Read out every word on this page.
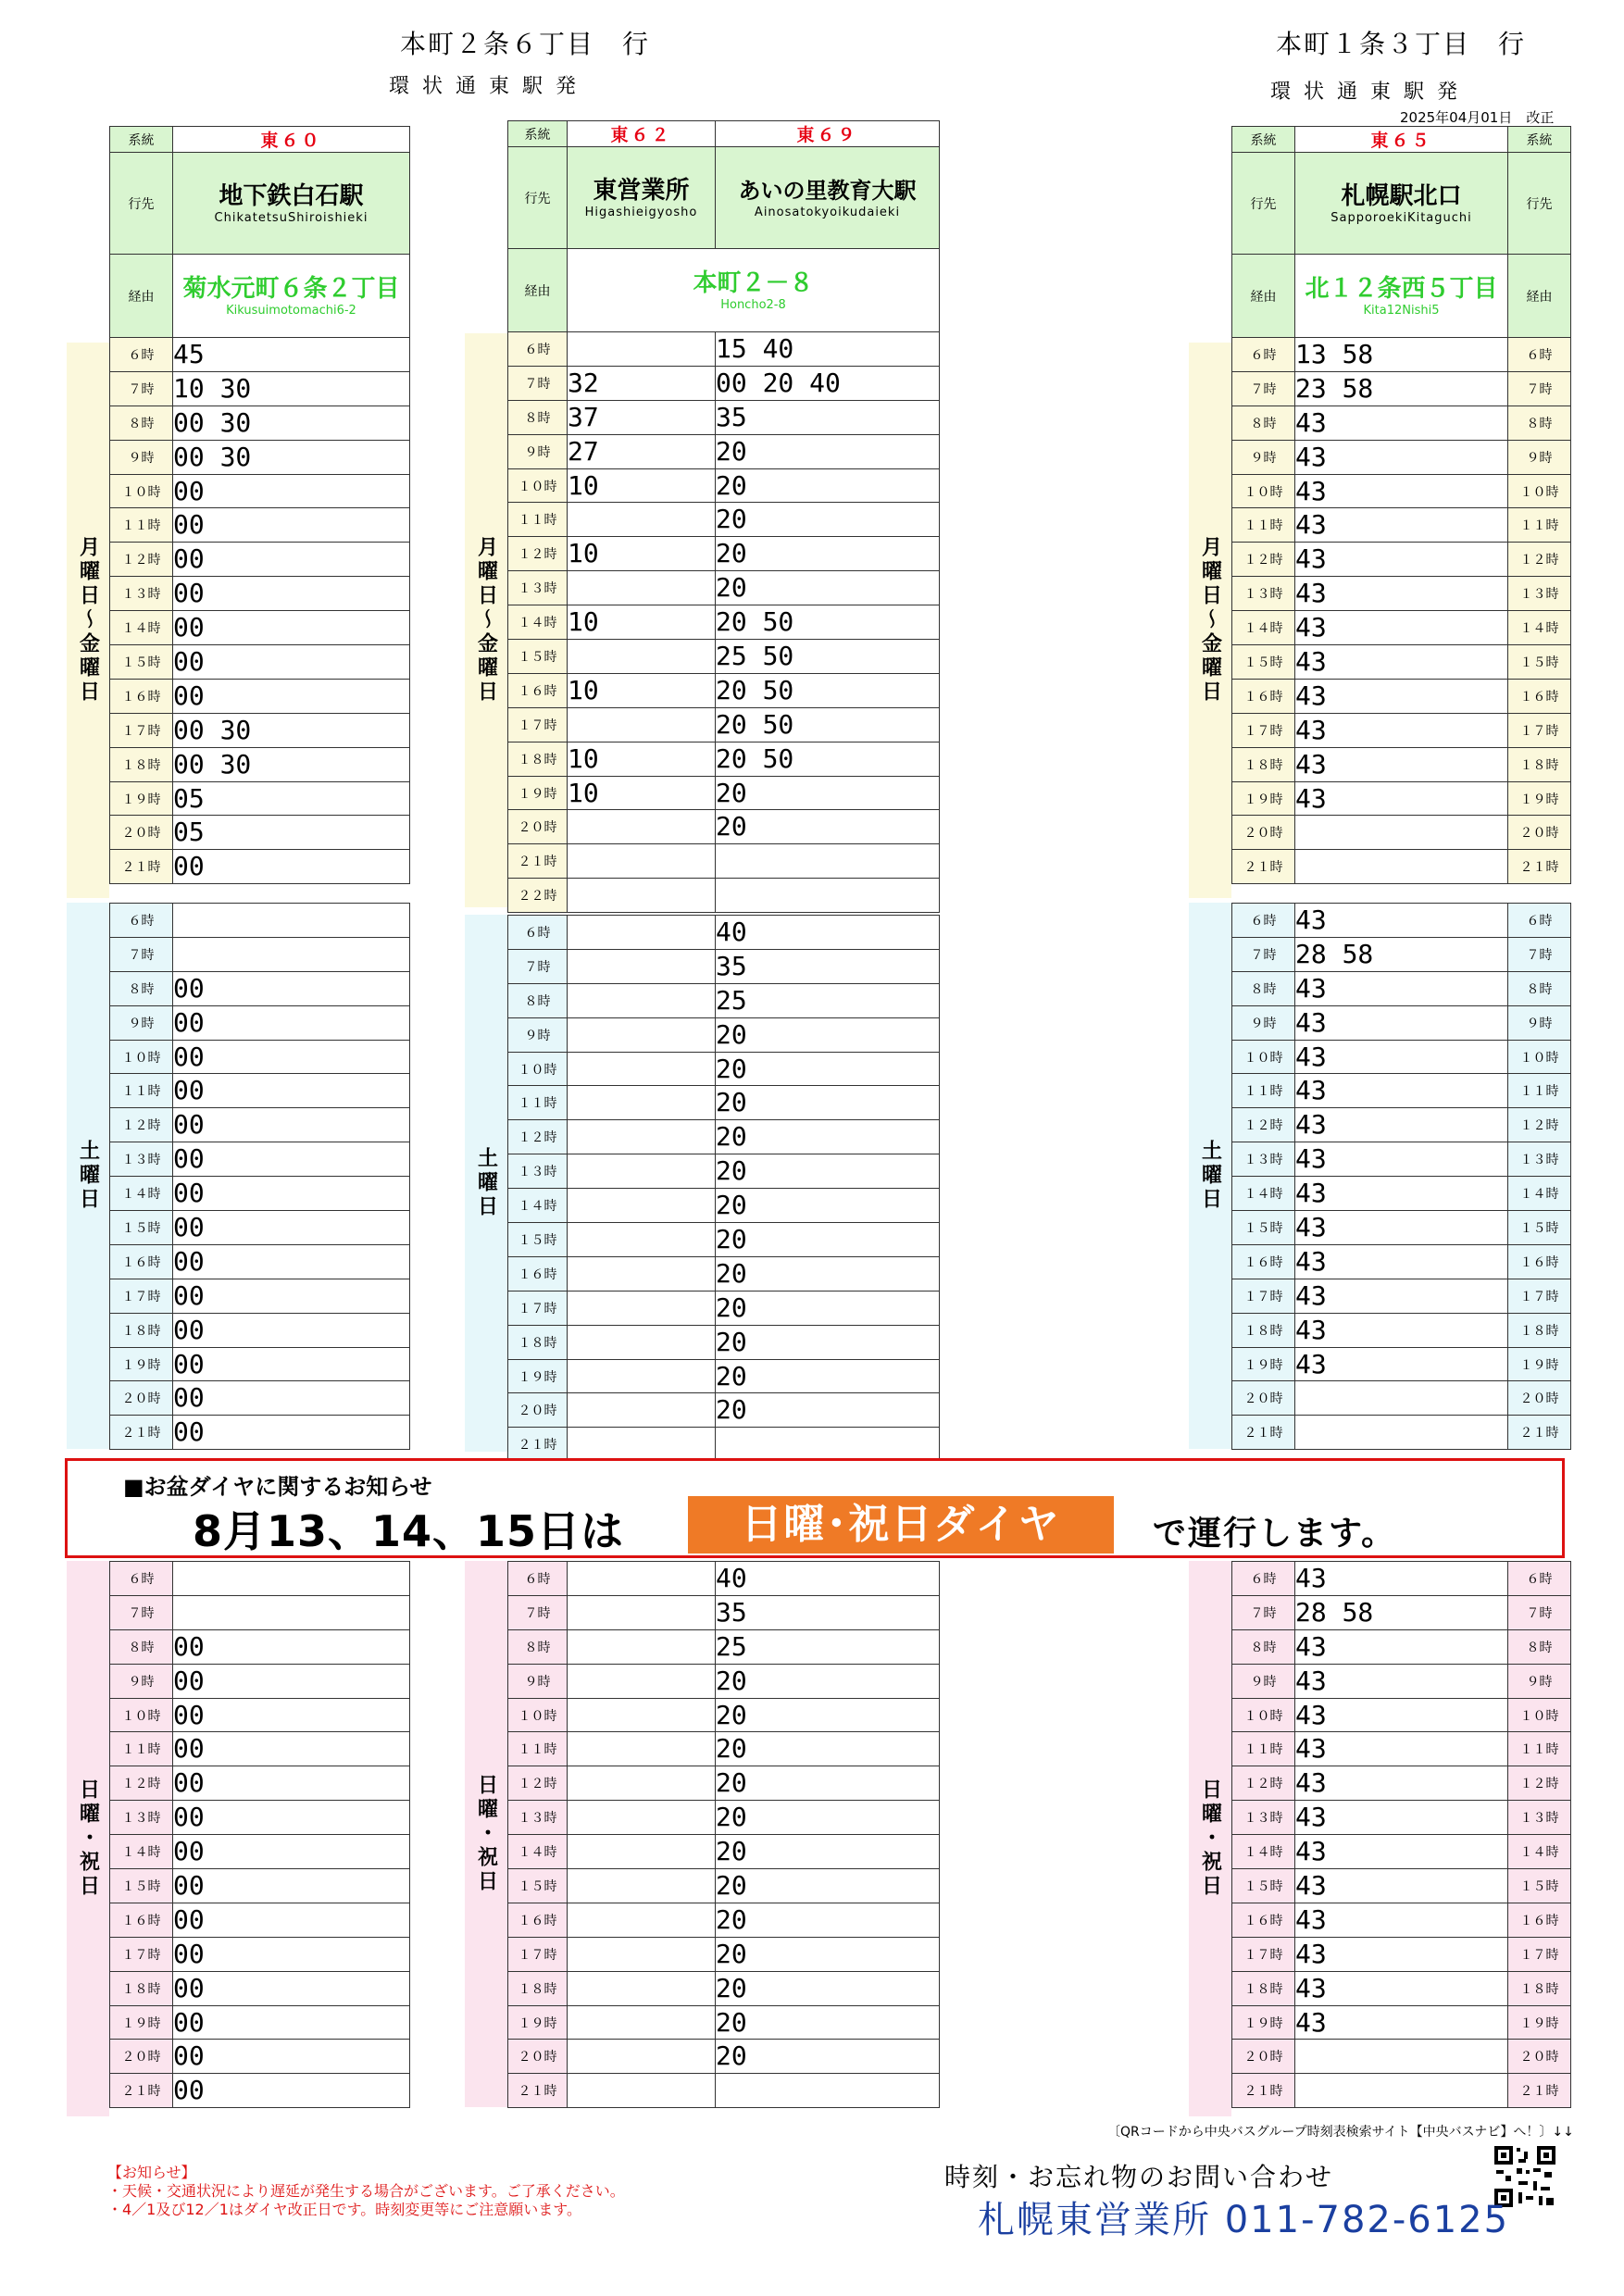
本町２条６丁目　行
環状通東駅発
本町１条３丁目　行
環状通東駅発
2025年04月01日　改正
月曜日～金曜日
土曜日
日曜・祝日
月曜日～金曜日
土曜日
日曜・祝日
月曜日～金曜日
土曜日
日曜・祝日
系統	東６０
行先	地下鉄白石駅
ChikatetsuShiroishieki

経由	菊水元町６条２丁目
Kikusuimotomachi6-2

６時	45
７時	10 30
８時	00 30
９時	00 30
１０時	00
１１時	00
１２時	00
１３時	00
１４時	00
１５時	00
１６時	00
１７時	00 30
１８時	00 30
１９時	05
２０時	05
２１時	00
６時	
７時	
８時	00
９時	00
１０時	00
１１時	00
１２時	00
１３時	00
１４時	00
１５時	00
１６時	00
１７時	00
１８時	00
１９時	00
２０時	00
２１時	00
６時	
７時	
８時	00
９時	00
１０時	00
１１時	00
１２時	00
１３時	00
１４時	00
１５時	00
１６時	00
１７時	00
１８時	00
１９時	00
２０時	00
２１時	00
系統	東６２	東６９
行先	東営業所
Higashieigyosho	あいの里教育大駅
Ainosatokyoikudaieki

経由	本町２－８
Honcho2-8	

６時		15 40
７時	32	00 20 40
８時	37	35
９時	27	20
１０時	10	20
１１時		20
１２時	10	20
１３時		20
１４時	10	20 50
１５時		25 50
１６時	10	20 50
１７時		20 50
１８時	10	20 50
１９時	10	20
２０時		20
２１時		
２２時		
６時		40
７時		35
８時		25
９時		20
１０時		20
１１時		20
１２時		20
１３時		20
１４時		20
１５時		20
１６時		20
１７時		20
１８時		20
１９時		20
２０時		20
２１時		
６時		40
７時		35
８時		25
９時		20
１０時		20
１１時		20
１２時		20
１３時		20
１４時		20
１５時		20
１６時		20
１７時		20
１８時		20
１９時		20
２０時		20
２１時		
系統	東６５	系統
行先	札幌駅北口
SapporoekiKitaguchi	行先
経由	北１２条西５丁目
Kita12Nishi5	経由
６時	13 58	６時
７時	23 58	７時
８時	43	８時
９時	43	９時
１０時	43	１０時
１１時	43	１１時
１２時	43	１２時
１３時	43	１３時
１４時	43	１４時
１５時	43	１５時
１６時	43	１６時
１７時	43	１７時
１８時	43	１８時
１９時	43	１９時
２０時		２０時
２１時		２１時
６時	43	６時
７時	28 58	７時
８時	43	８時
９時	43	９時
１０時	43	１０時
１１時	43	１１時
１２時	43	１２時
１３時	43	１３時
１４時	43	１４時
１５時	43	１５時
１６時	43	１６時
１７時	43	１７時
１８時	43	１８時
１９時	43	１９時
２０時		２０時
２１時		２１時
６時	43	６時
７時	28 58	７時
８時	43	８時
９時	43	９時
１０時	43	１０時
１１時	43	１１時
１２時	43	１２時
１３時	43	１３時
１４時	43	１４時
１５時	43	１５時
１６時	43	１６時
１７時	43	１７時
１８時	43	１８時
１９時	43	１９時
２０時		２０時
２１時		２１時
■お盆ダイヤに関するお知らせ
8月13、14、15日は	日曜･祝日ダイヤ	で運行します。
〔QRコードから中央バスグループ時刻表検索サイト【中央バスナビ】へ！〕↓↓
【お知らせ】
・天候・交通状況により遅延が発生する場合がございます。ご了承ください。
・4／1及び12／1はダイヤ改正日です。時刻変更等にご注意願います。
時刻・お忘れ物のお問い合わせ
札幌東営業所 011-782-6125
